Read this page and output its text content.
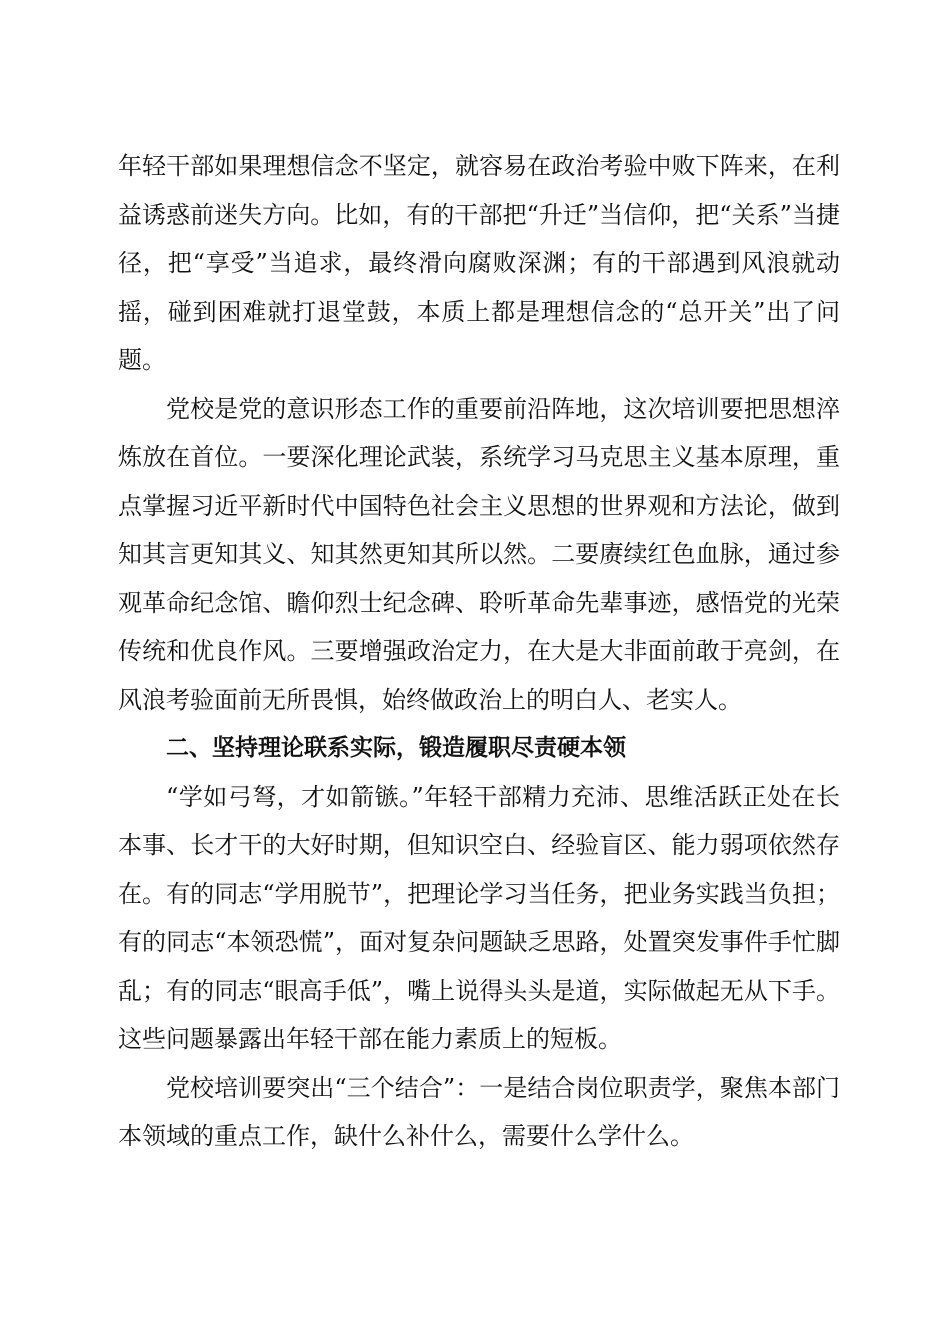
年轻干部如果理想信念不坚定，就容易在政治考验中败下阵来，在利益诱惑前迷失方向。比如，有的干部把“升迁”当信仰，把“关系”当捷径，把“享受”当追求，最终滑向腐败深渊；有的干部遇到风浪就动摇，碰到困难就打退堂鼓，本质上都是理想信念的“总开关”出了问题。

党校是党的意识形态工作的重要前沿阵地，这次培训要把思想淬炼放在首位。一要深化理论武装，系统学习马克思主义基本原理，重点掌握习近平新时代中国特色社会主义思想的世界观和方法论，做到知其言更知其义、知其然更知其所以然。二要赓续红色血脉，通过参观革命纪念馆、瞻仰烈士纪念碑、聆听革命先辈事迹，感悟党的光荣传统和优良作风。三要增强政治定力，在大是大非面前敢于亮剑，在风浪考验面前无所畏惧，始终做政治上的明白人、老实人。

二、坚持理论联系实际，锻造履职尽责硬本领

“学如弓弩，才如箭镞。”年轻干部精力充沛、思维活跃正处在长本事、长才干的大好时期，但知识空白、经验盲区、能力弱项依然存在。有的同志“学用脱节”，把理论学习当任务，把业务实践当负担；有的同志“本领恐慌”，面对复杂问题缺乏思路，处置突发事件手忙脚乱；有的同志“眼高手低”，嘴上说得头头是道，实际做起无从下手。这些问题暴露出年轻干部在能力素质上的短板。

党校培训要突出“三个结合”：一是结合岗位职责学，聚焦本部门本领域的重点工作，缺什么补什么，需要什么学什么。
